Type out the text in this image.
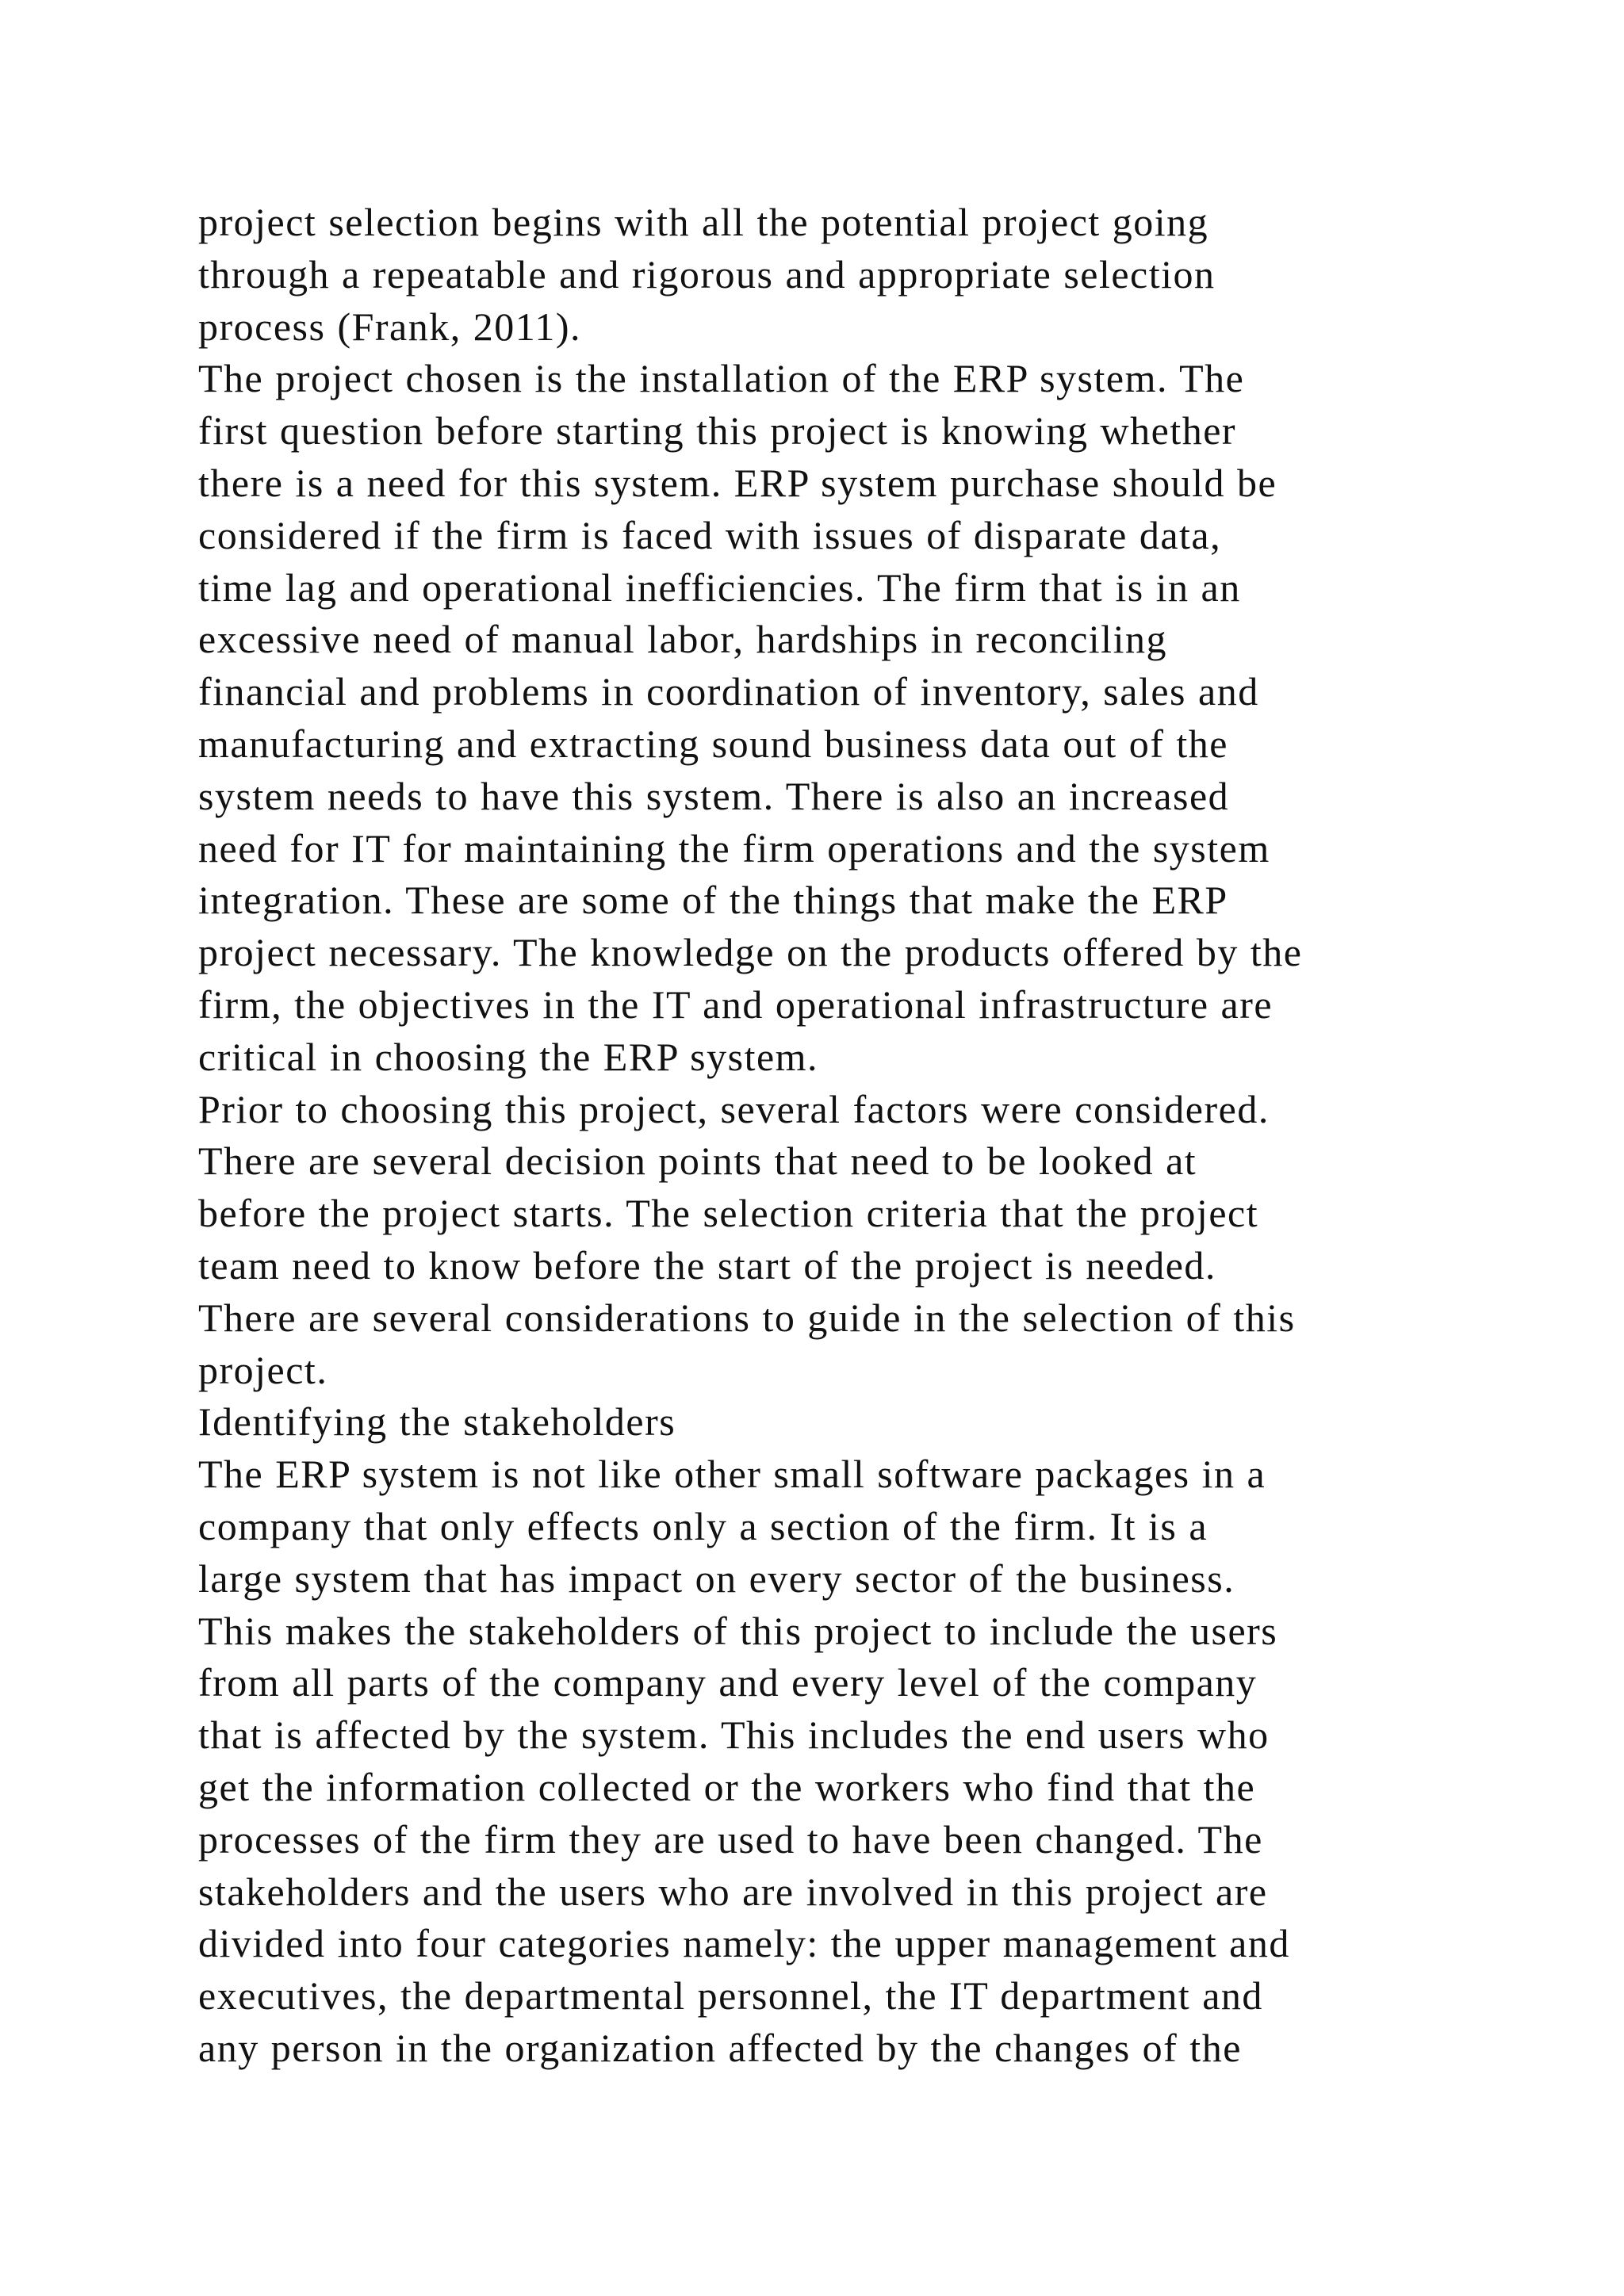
project selection begins with all the potential project going
through a repeatable and rigorous and appropriate selection
process (Frank, 2011).
The project chosen is the installation of the ERP system. The
first question before starting this project is knowing whether
there is a need for this system. ERP system purchase should be
considered if the firm is faced with issues of disparate data,
time lag and operational inefficiencies. The firm that is in an
excessive need of manual labor, hardships in reconciling
financial and problems in coordination of inventory, sales and
manufacturing and extracting sound business data out of the
system needs to have this system. There is also an increased
need for IT for maintaining the firm operations and the system
integration. These are some of the things that make the ERP
project necessary. The knowledge on the products offered by the
firm, the objectives in the IT and operational infrastructure are
critical in choosing the ERP system.
Prior to choosing this project, several factors were considered.
There are several decision points that need to be looked at
before the project starts. The selection criteria that the project
team need to know before the start of the project is needed.
There are several considerations to guide in the selection of this
project.
Identifying the stakeholders
The ERP system is not like other small software packages in a
company that only effects only a section of the firm. It is a
large system that has impact on every sector of the business.
This makes the stakeholders of this project to include the users
from all parts of the company and every level of the company
that is affected by the system. This includes the end users who
get the information collected or the workers who find that the
processes of the firm they are used to have been changed. The
stakeholders and the users who are involved in this project are
divided into four categories namely: the upper management and
executives, the departmental personnel, the IT department and
any person in the organization affected by the changes of the
